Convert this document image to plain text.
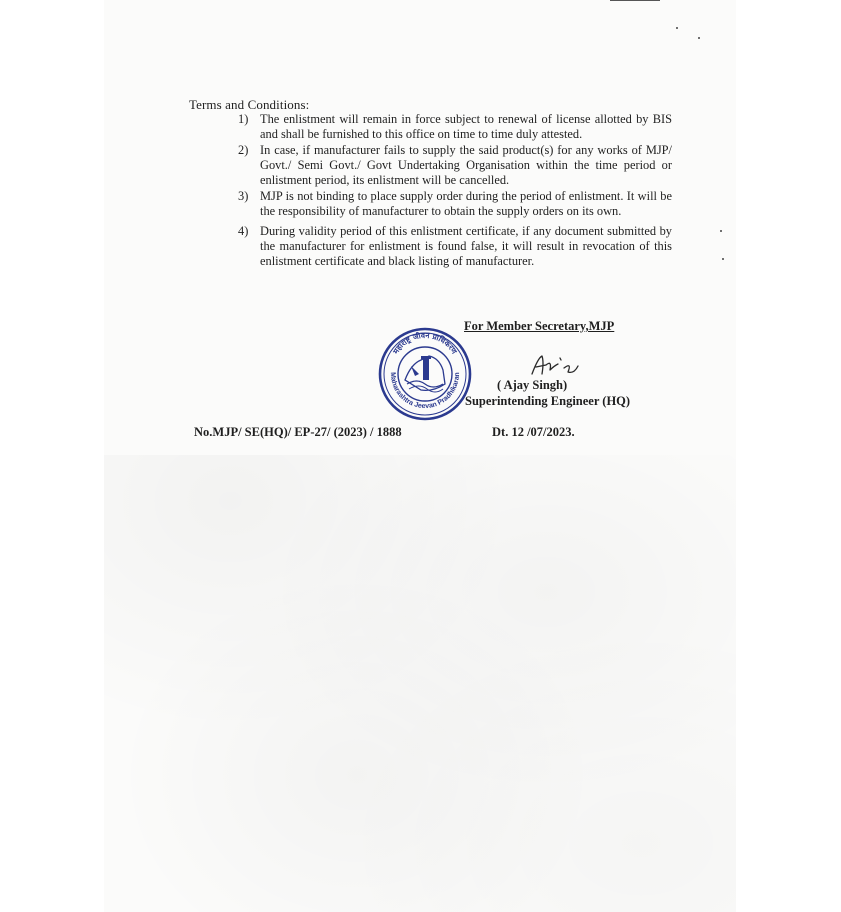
Terms and Conditions:
1) The enlistment will remain in force subject to renewal of license allotted by BIS and shall be furnished to this office on time to time duly attested.
2) In case, if manufacturer fails to supply the said product(s) for any works of MJP/ Govt./ Semi Govt./ Govt Undertaking Organisation within the time period or enlistment period, its enlistment will be cancelled.
3) MJP is not binding to place supply order during the period of enlistment. It will be the responsibility of manufacturer to obtain the supply orders on its own.
4) During validity period of this enlistment certificate, if any document submitted by the manufacturer for enlistment is found false, it will result in revocation of this enlistment certificate and black listing of manufacturer.
For Member Secretary,MJP
महाराष्ट्र जीवन प्राधिकरण
Maharashtra Jeevan Pradhikaran
( Ajay Singh)
Superintending Engineer (HQ)
No.MJP/ SE(HQ)/ EP-27/ (2023) / 1888	Dt. 12 /07/2023.
